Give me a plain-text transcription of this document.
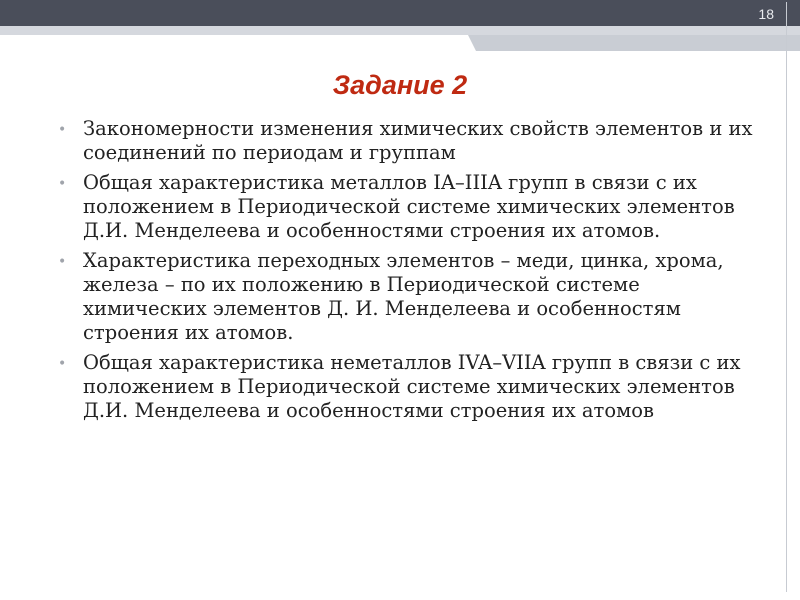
18
Задание 2
• Закономерности изменения химических свойств элементов и их соединений по периодам и группам
• Общая характеристика металлов IA–IIIA групп в связи с их положением в Периодической системе химических элементов Д.И. Менделеева и особенностями строения их атомов.
• Характеристика переходных элементов – меди, цинка, хрома, железа – по их положению в Периодической системе химических элементов Д. И. Менделеева и особенностям строения их атомов.
• Общая характеристика неметаллов IVA–VIIA групп в связи с их положением в Периодической системе химических элементов Д.И. Менделеева и особенностями строения их атомов
